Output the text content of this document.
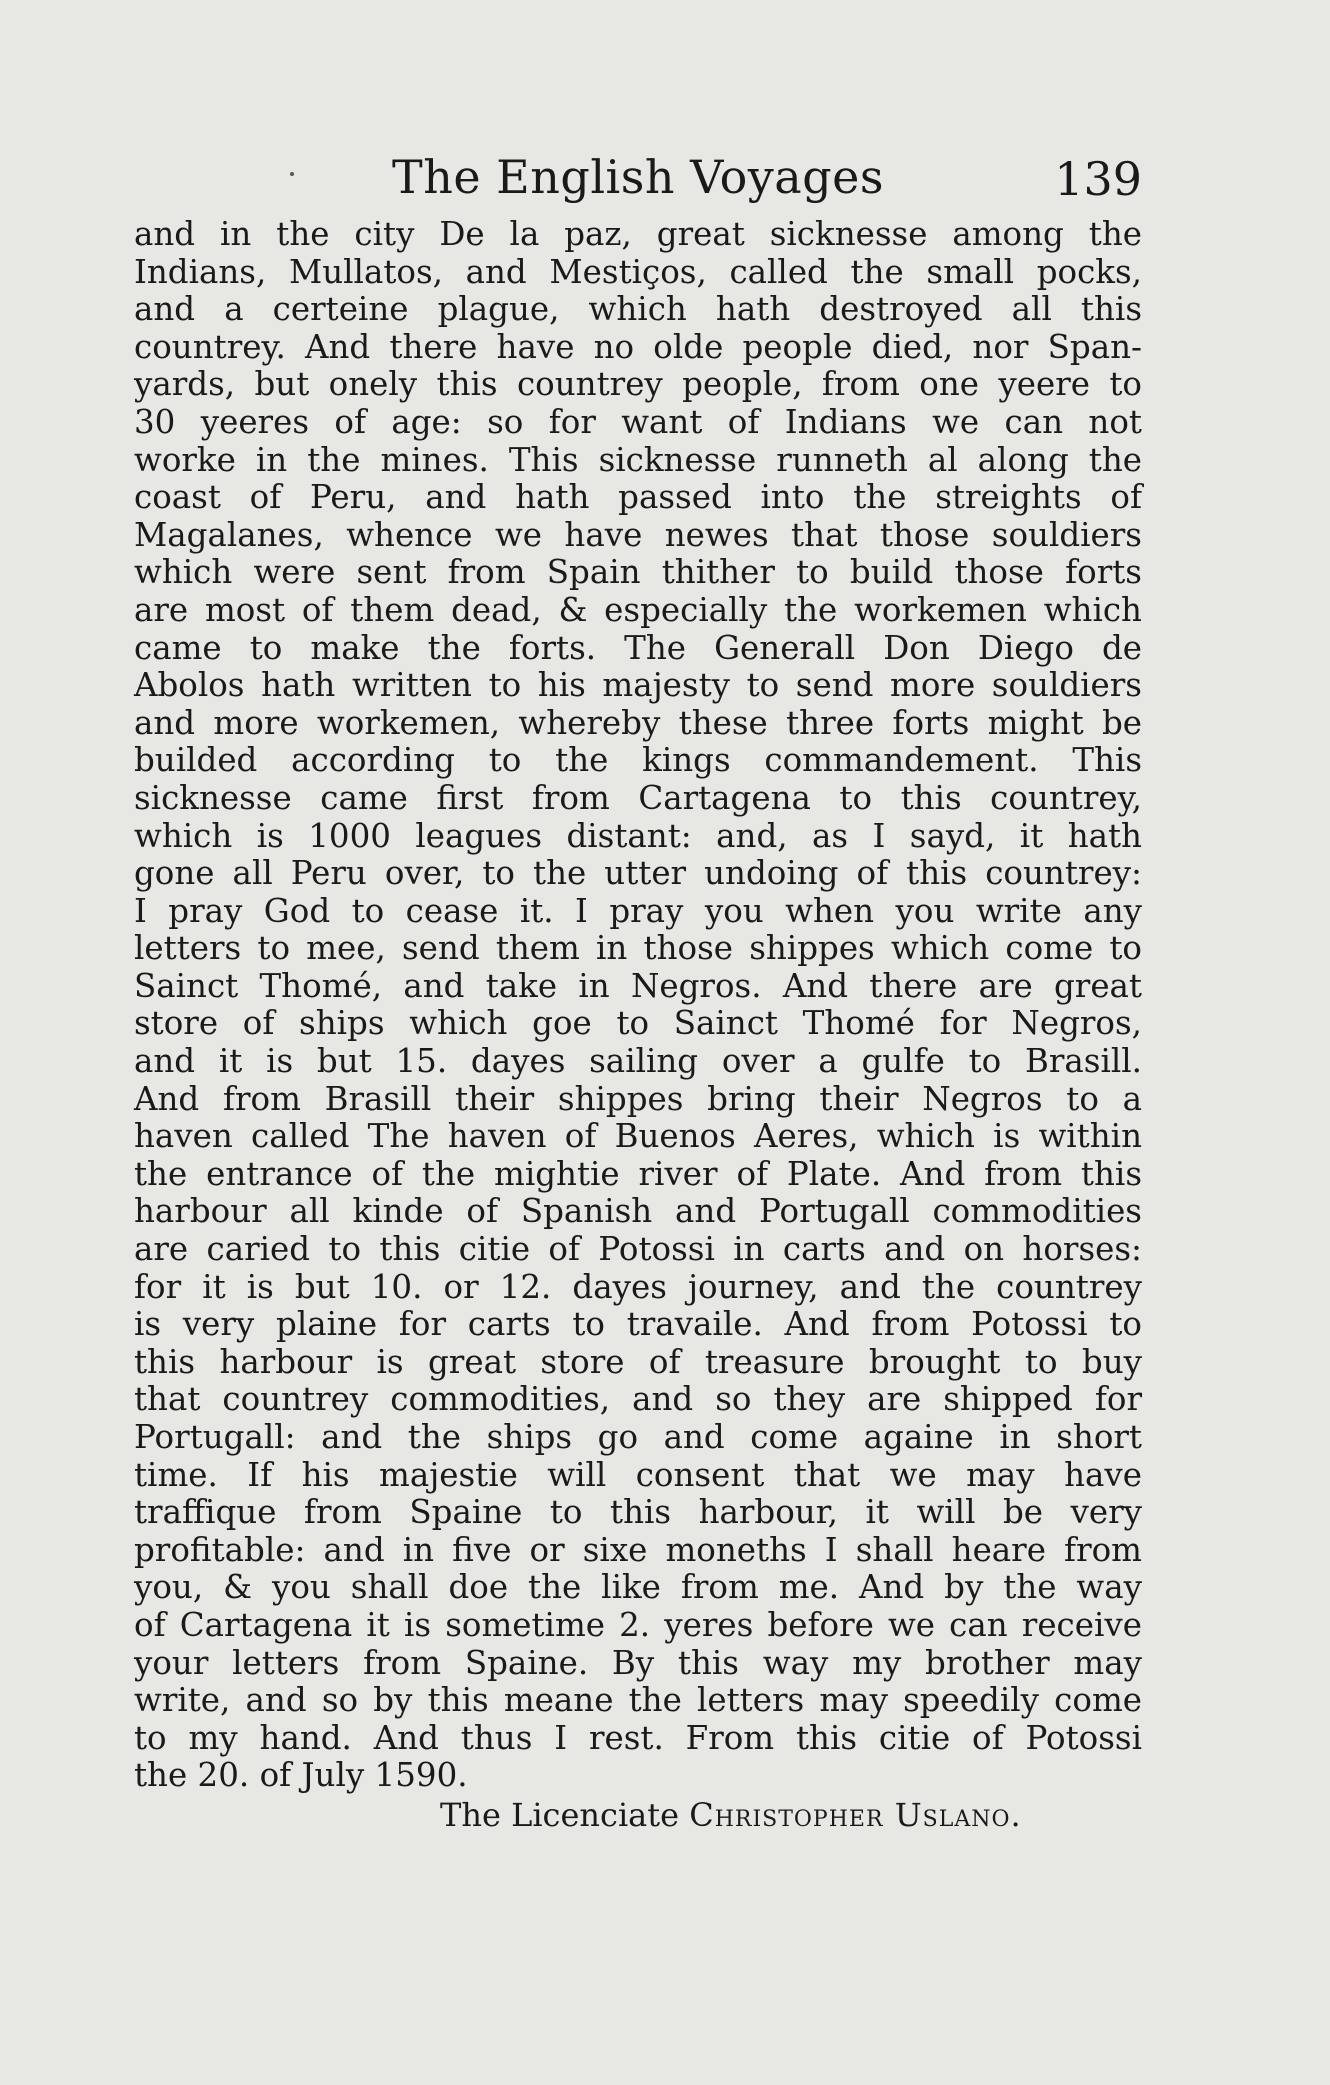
The English Voyages	139
and in the city De la paz, great sicknesse among the
Indians, Mullatos, and Mestiços, called the small pocks,
and a certeine plague, which hath destroyed all this
countrey. And there have no olde people died, nor Span-
yards, but onely this countrey people, from one yeere to
30 yeeres of age: so for want of Indians we can not
worke in the mines. This sicknesse runneth al along the
coast of Peru, and hath passed into the streights of
Magalanes, whence we have newes that those souldiers
which were sent from Spain thither to build those forts
are most of them dead, & especially the workemen which
came to make the forts. The Generall Don Diego de
Abolos hath written to his majesty to send more souldiers
and more workemen, whereby these three forts might be
builded according to the kings commandement. This
sicknesse came first from Cartagena to this countrey,
which is 1000 leagues distant: and, as I sayd, it hath
gone all Peru over, to the utter undoing of this countrey:
I pray God to cease it. I pray you when you write any
letters to mee, send them in those shippes which come to
Sainct Thomé, and take in Negros. And there are great
store of ships which goe to Sainct Thomé for Negros,
and it is but 15. dayes sailing over a gulfe to Brasill.
And from Brasill their shippes bring their Negros to a
haven called The haven of Buenos Aeres, which is within
the entrance of the mightie river of Plate. And from this
harbour all kinde of Spanish and Portugall commodities
are caried to this citie of Potossi in carts and on horses:
for it is but 10. or 12. dayes journey, and the countrey
is very plaine for carts to travaile. And from Potossi to
this harbour is great store of treasure brought to buy
that countrey commodities, and so they are shipped for
Portugall: and the ships go and come againe in short
time. If his majestie will consent that we may have
traffique from Spaine to this harbour, it will be very
profitable: and in five or sixe moneths I shall heare from
you, & you shall doe the like from me. And by the way
of Cartagena it is sometime 2. yeres before we can receive
your letters from Spaine. By this way my brother may
write, and so by this meane the letters may speedily come
to my hand. And thus I rest. From this citie of Potossi
the 20. of July 1590.
The Licenciate Christopher Uslano.
